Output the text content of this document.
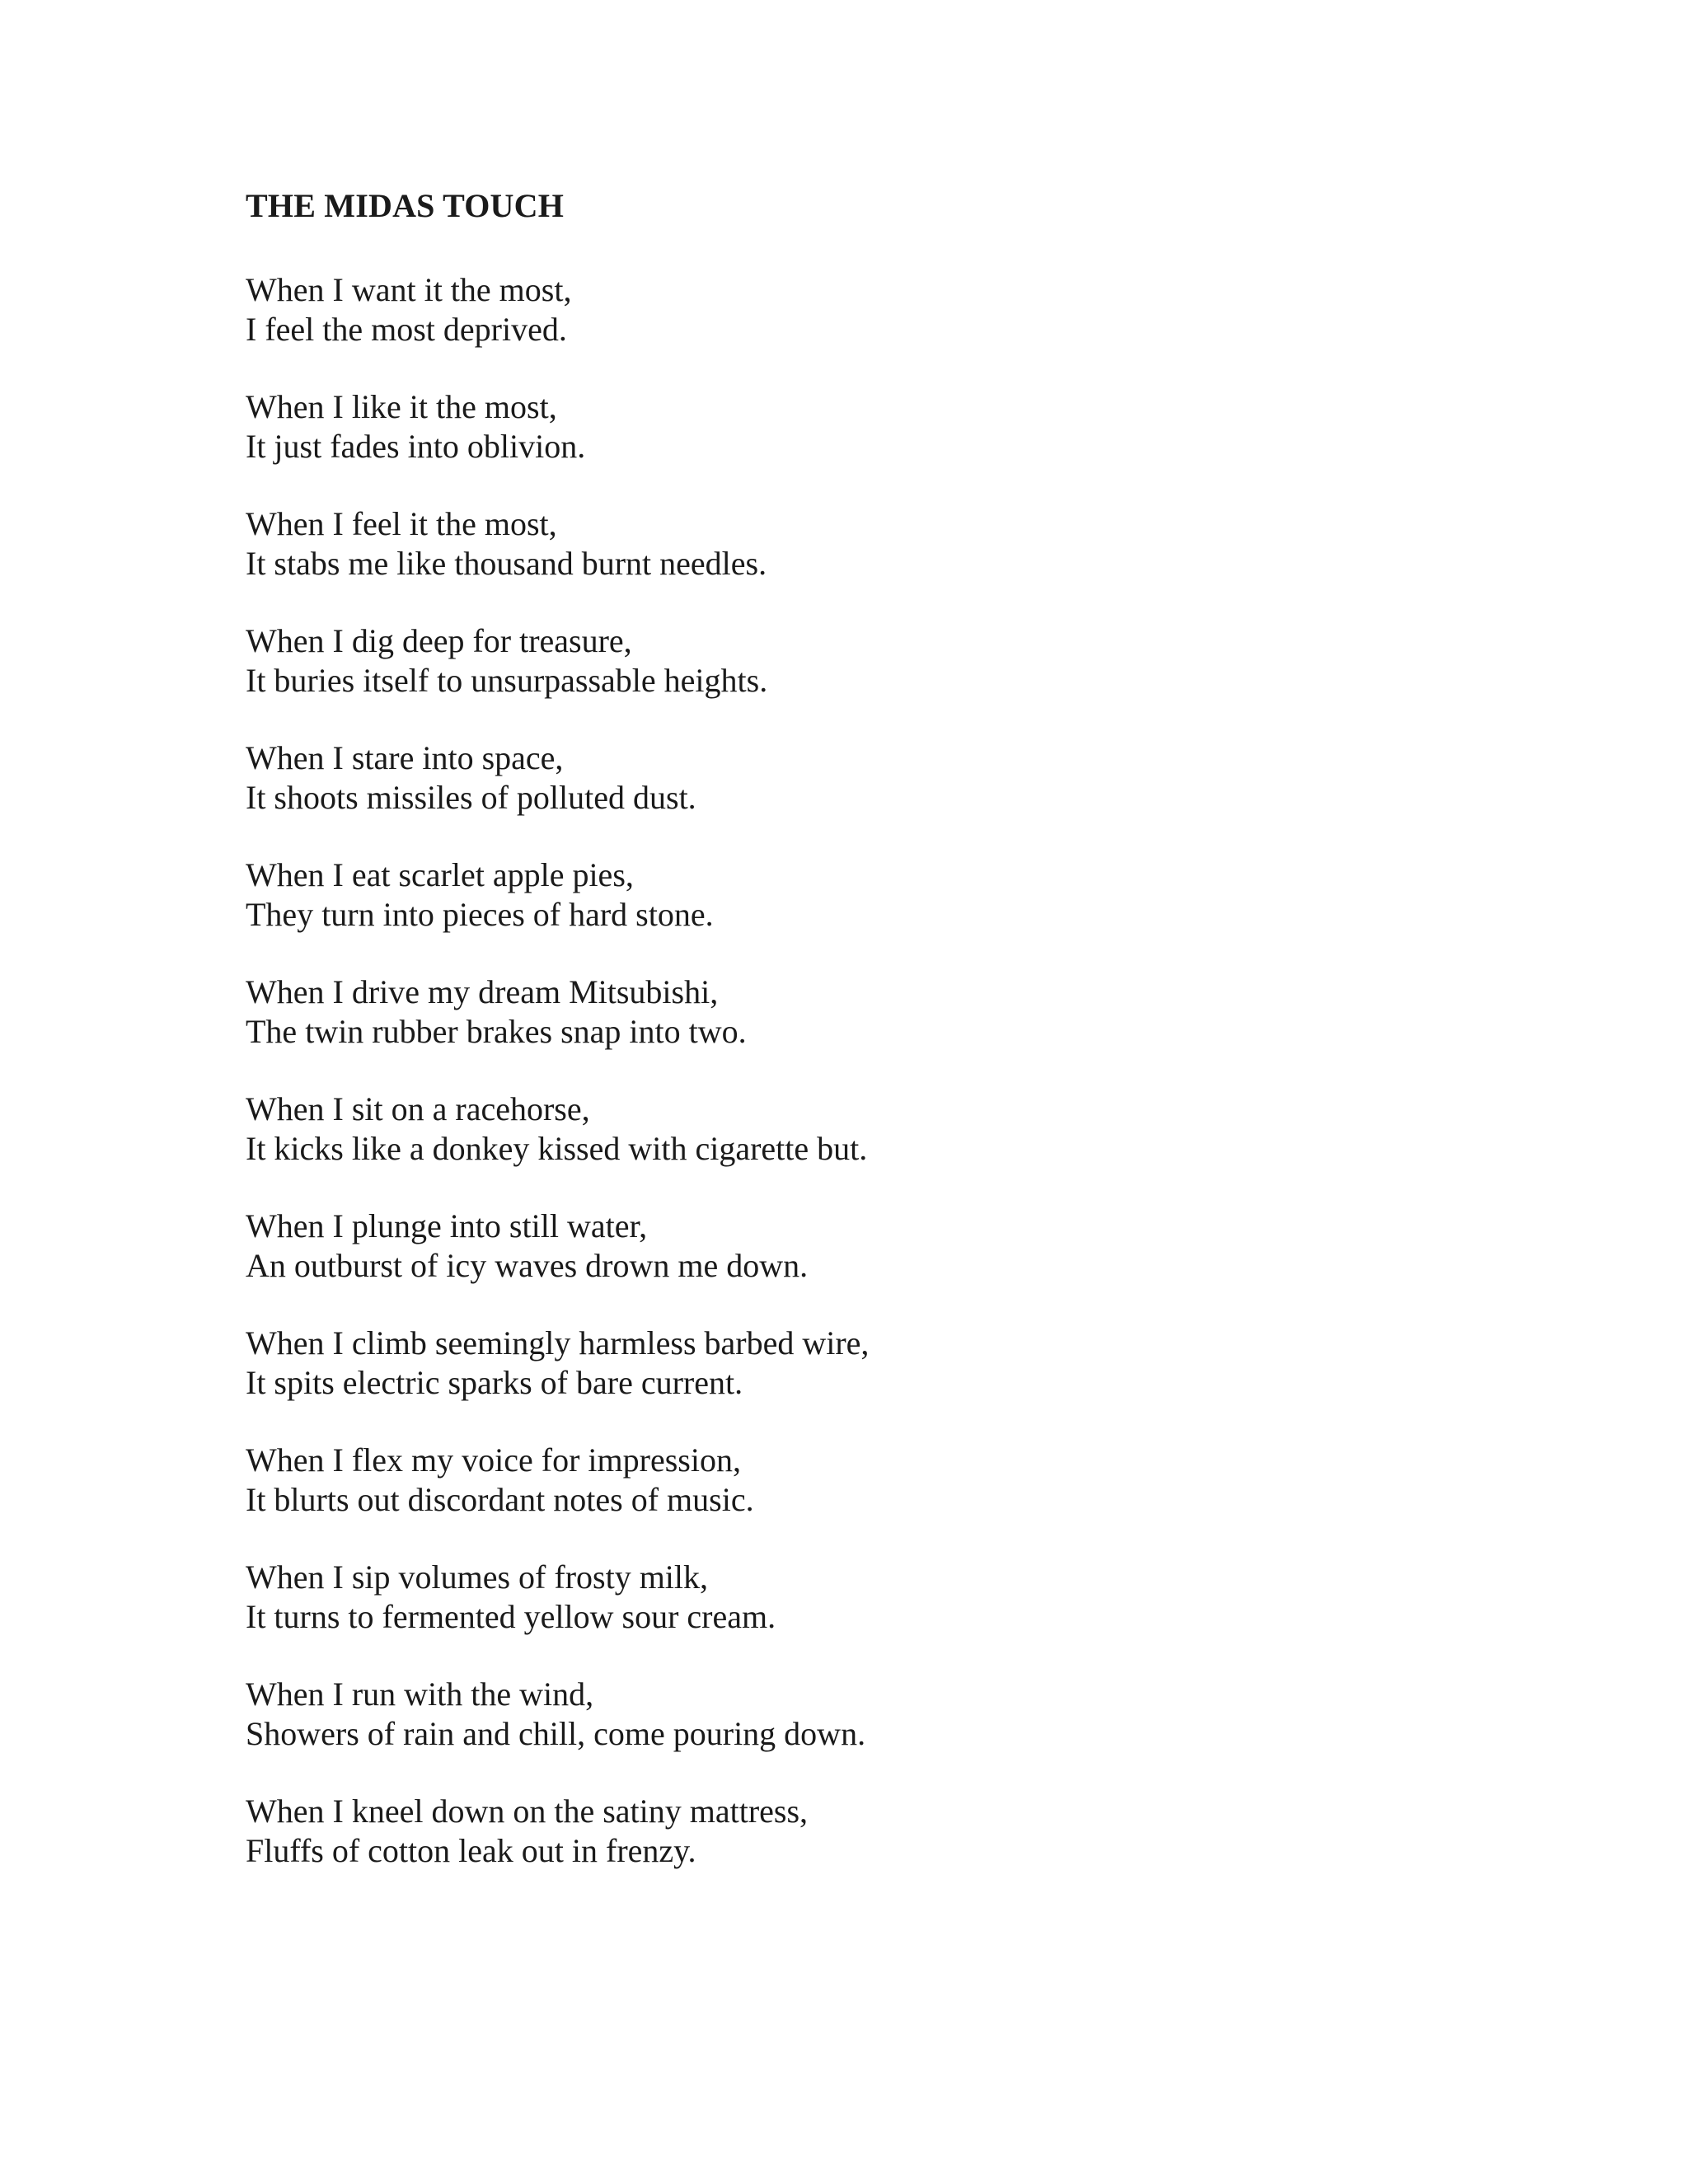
THE MIDAS TOUCH
When I want it the most,
I feel the most deprived.
When I like it the most,
It just fades into oblivion.
When I feel it the most,
It stabs me like thousand burnt needles.
When I dig deep for treasure,
It buries itself to unsurpassable heights.
When I stare into space,
It shoots missiles of polluted dust.
When I eat scarlet apple pies,
They turn into pieces of hard stone.
When I drive my dream Mitsubishi,
The twin rubber brakes snap into two.
When I sit on a racehorse,
It kicks like a donkey kissed with cigarette but.
When I plunge into still water,
An outburst of icy waves drown me down.
When I climb seemingly harmless barbed wire,
It spits electric sparks of bare current.
When I flex my voice for impression,
It blurts out discordant notes of music.
When I sip volumes of frosty milk,
It turns to fermented yellow sour cream.
When I run with the wind,
Showers of rain and chill, come pouring down.
When I kneel down on the satiny mattress,
Fluffs of cotton leak out in frenzy.
